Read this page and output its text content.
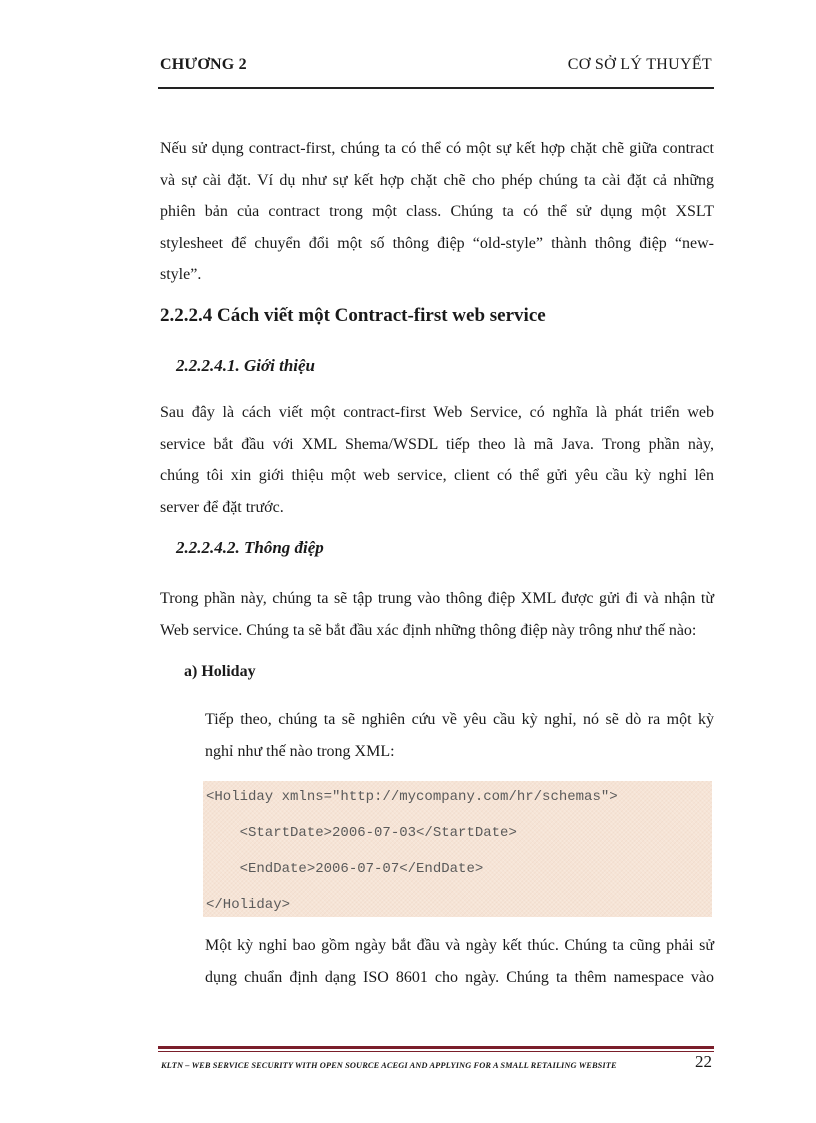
CHƯƠNG 2	CƠ SỞ LÝ THUYẾT

Nếu sử dụng contract-first, chúng ta có thể có một sự kết hợp chặt chẽ giữa contract

và sự cài đặt. Ví dụ như sự kết hợp chặt chẽ cho phép chúng ta cài đặt cả những

phiên bản của contract trong một class. Chúng ta có thể sử dụng một XSLT

stylesheet để chuyển đổi một số thông điệp “old-style” thành thông điệp “new-

style”.

2.2.2.4 Cách viết một Contract-first web service
2.2.2.4.1. Giới thiệu

Sau đây là cách viết một contract-first Web Service, có nghĩa là phát triển web

service bắt đầu với XML Shema/WSDL tiếp theo là mã Java. Trong phần này,

chúng tôi xin giới thiệu một web service, client có thể gửi yêu cầu kỳ nghỉ lên

server để đặt trước.

2.2.2.4.2. Thông điệp

Trong phần này, chúng ta sẽ tập trung vào thông điệp XML được gửi đi và nhận từ

Web service. Chúng ta sẽ bắt đầu xác định những thông điệp này trông như thế nào:

a) Holiday

Tiếp theo, chúng ta sẽ nghiên cứu về yêu cầu kỳ nghỉ, nó sẽ dò ra một kỳ

nghỉ như thế nào trong XML:

<Holiday xmlns="http://mycompany.com/hr/schemas">
<StartDate>2006-07-03</StartDate>
<EndDate>2006-07-07</EndDate>
</Holiday>

Một kỳ nghỉ bao gồm ngày bắt đầu và ngày kết thúc. Chúng ta cũng phải sử

dụng chuẩn định dạng ISO 8601 cho ngày. Chúng ta thêm namespace vào

KLTN – WEB SERVICE SECURITY WITH OPEN SOURCE ACEGI AND APPLYING FOR A SMALL RETAILING WEBSITE	22
